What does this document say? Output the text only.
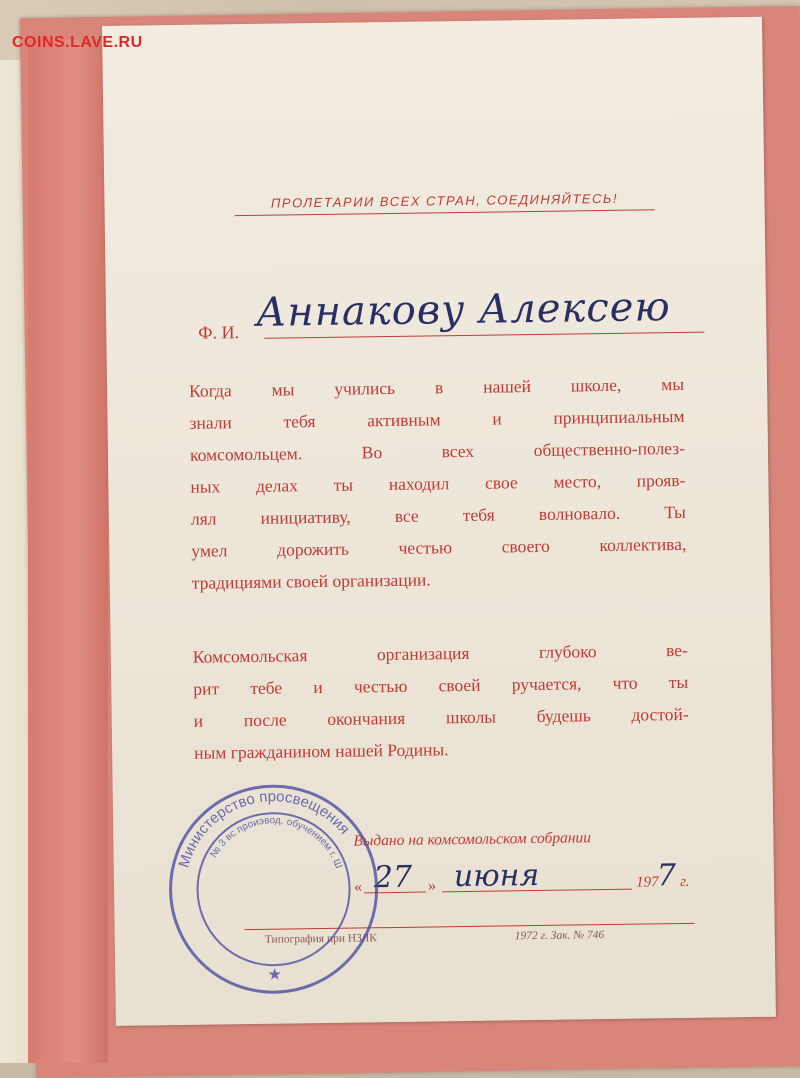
ПРОЛЕТАРИИ ВСЕХ СТРАН, СОЕДИНЯЙТЕСЬ!
Ф. И. Аннакову Алексею
Когда мы учились в нашей школе, мы
знали тебя активным и принципиальным
комсомольцем. Во всех общественно-полез-
ных делах ты находил свое место, прояв-
лял инициативу, все тебя волновало. Ты
умел дорожить честью своего коллектива,
традициями своей организации.
Комсомольская организация глубоко ве-
рит тебе и честью своей ручается, что ты
и после окончания школы будешь достой-
ным гражданином нашей Родины.
Выдано на комсомольском собрании
« 27 » июня	197
7 г.
Типография при НЗЛК	1972 г. Зак. № 746
Министерство просвещения
№ 3 вс проиэвод. обучением г. Ш
★
COINS.LAVE.RU
